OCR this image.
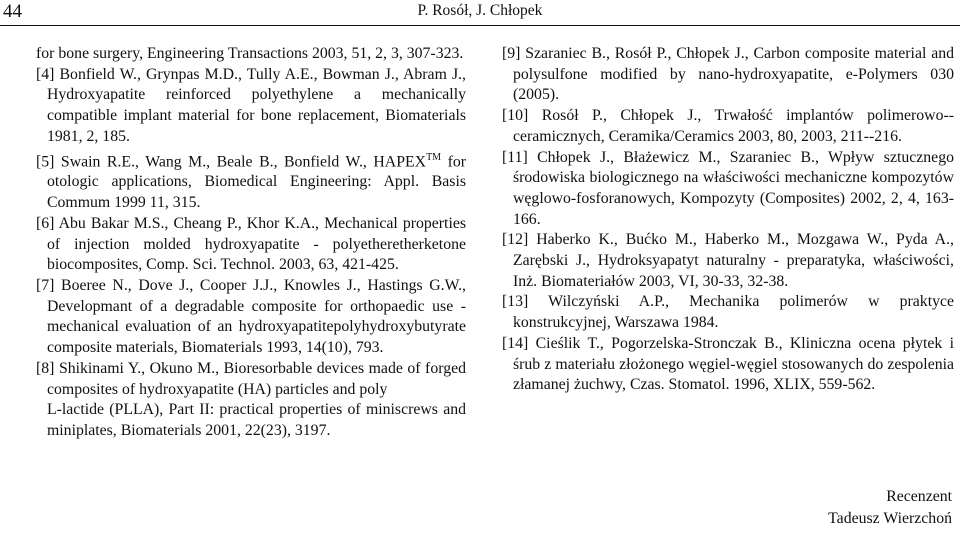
44	P. Rosół, J. Chłopek

for bone surgery, Engineering Transactions 2003, 51, 2, 3, 307-323.

[4] Bonfield W., Grynpas M.D., Tully A.E., Bowman J., Abram J., Hydroxyapatite reinforced polyethylene a mechanically compatible implant material for bone replacement, Biomaterials 1981, 2, 185.

[5] Swain R.E., Wang M., Beale B., Bonfield W., HAPEX™ for otologic applications, Biomedical Engineering: Appl. Basis Commum 1999 11, 315.

[6] Abu Bakar M.S., Cheang P., Khor K.A., Mechanical properties of injection molded hydroxyapatite - polyetheretherketone biocomposites, Comp. Sci. Technol. 2003, 63, 421-425.

[7] Boeree N., Dove J., Cooper J.J., Knowles J., Hastings G.W., Developmant of a degradable composite for orthopaedic use - mechanical evaluation of an hydroxyapatitepolyhydroxybutyrate composite materials, Biomaterials 1993, 14(10), 793.

[8] Shikinami Y., Okuno M., Bioresorbable devices made of forged composites of hydroxyapatite (HA) particles and poly

L-lactide (PLLA), Part II: practical properties of miniscrews and miniplates, Biomaterials 2001, 22(23), 3197.

[9] Szaraniec B., Rosół P., Chłopek J., Carbon composite material and polysulfone modified by nano-hydroxyapatite, e-Polymers 030 (2005).

[10] Rosół P., Chłopek J., Trwałość implantów polimerowo--ceramicznych, Ceramika/Ceramics 2003, 80, 2003, 211--216.

[11] Chłopek J., Błażewicz M., Szaraniec B., Wpływ sztucznego środowiska biologicznego na właściwości mechaniczne kompozytów węglowo-fosforanowych, Kompozyty (Composites) 2002, 2, 4, 163-166.

[12] Haberko K., Bućko M., Haberko M., Mozgawa W., Pyda A., Zarębski J., Hydroksyapatyt naturalny - preparatyka, właściwości, Inż. Biomateriałów 2003, VI, 30-33, 32-38.

[13] Wilczyński A.P., Mechanika polimerów w praktyce konstrukcyjnej, Warszawa 1984.

[14] Cieślik T., Pogorzelska-Stronczak B., Kliniczna ocena płytek i śrub z materiału złożonego węgiel-węgiel stosowanych do zespolenia złamanej żuchwy, Czas. Stomatol. 1996, XLIX, 559-562.

Recenzent
Tadeusz Wierzchoń
